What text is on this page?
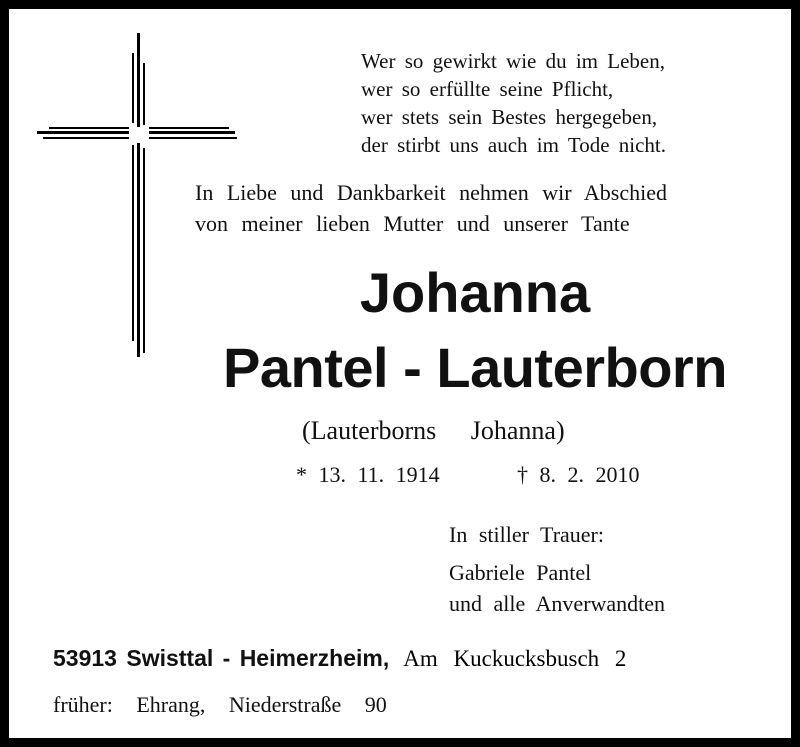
Wer so gewirkt wie du im Leben,
wer so erfüllte seine Pflicht,
wer stets sein Bestes hergegeben,
der stirbt uns auch im Tode nicht.
In Liebe und Dankbarkeit nehmen wir Abschied
von meiner lieben Mutter und unserer Tante
Johanna
Pantel - Lauterborn
(Lauterborns Johanna)
* 13. 11. 1914	† 8. 2. 2010
In stiller Trauer:
Gabriele Pantel
und alle Anverwandten
53913 Swisttal - Heimerzheim, Am Kuckucksbusch 2
früher: Ehrang, Niederstraße 90
